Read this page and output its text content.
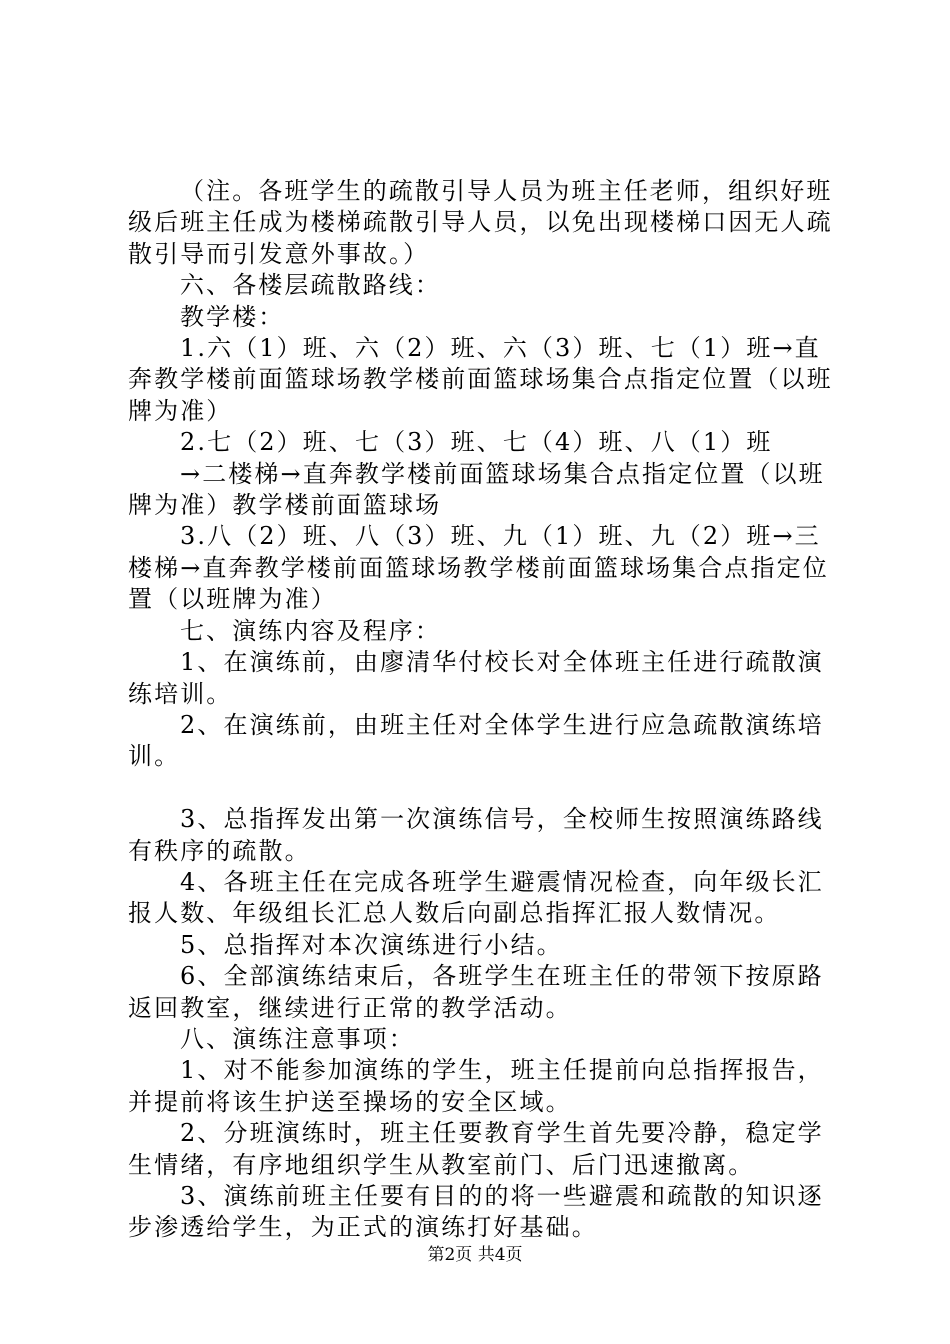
（注。各班学生的疏散引导人员为班主任老师，组织好班级后班主任成为楼梯疏散引导人员，以免出现楼梯口因无人疏散引导而引发意外事故。）

六、各楼层疏散路线：

教学楼：

1.六（1）班、六（2）班、六（3）班、七（1）班→直奔教学楼前面篮球场教学楼前面篮球场集合点指定位置（以班牌为准）

2.七（2）班、七（3）班、七（4）班、八（1）班

→二楼梯→直奔教学楼前面篮球场集合点指定位置（以班牌为准）教学楼前面篮球场

3.八（2）班、八（3）班、九（1）班、九（2）班→三楼梯→直奔教学楼前面篮球场教学楼前面篮球场集合点指定位置（以班牌为准）

七、演练内容及程序：

1、在演练前，由廖清华付校长对全体班主任进行疏散演练培训。

2、在演练前，由班主任对全体学生进行应急疏散演练培训。

3、总指挥发出第一次演练信号，全校师生按照演练路线有秩序的疏散。

4、各班主任在完成各班学生避震情况检查，向年级长汇报人数、年级组长汇总人数后向副总指挥汇报人数情况。

5、总指挥对本次演练进行小结。

6、全部演练结束后，各班学生在班主任的带领下按原路返回教室，继续进行正常的教学活动。

八、演练注意事项：

1、对不能参加演练的学生，班主任提前向总指挥报告，并提前将该生护送至操场的安全区域。

2、分班演练时，班主任要教育学生首先要冷静，稳定学生情绪，有序地组织学生从教室前门、后门迅速撤离。

3、演练前班主任要有目的的将一些避震和疏散的知识逐步渗透给学生，为正式的演练打好基础。

第2页 共4页
